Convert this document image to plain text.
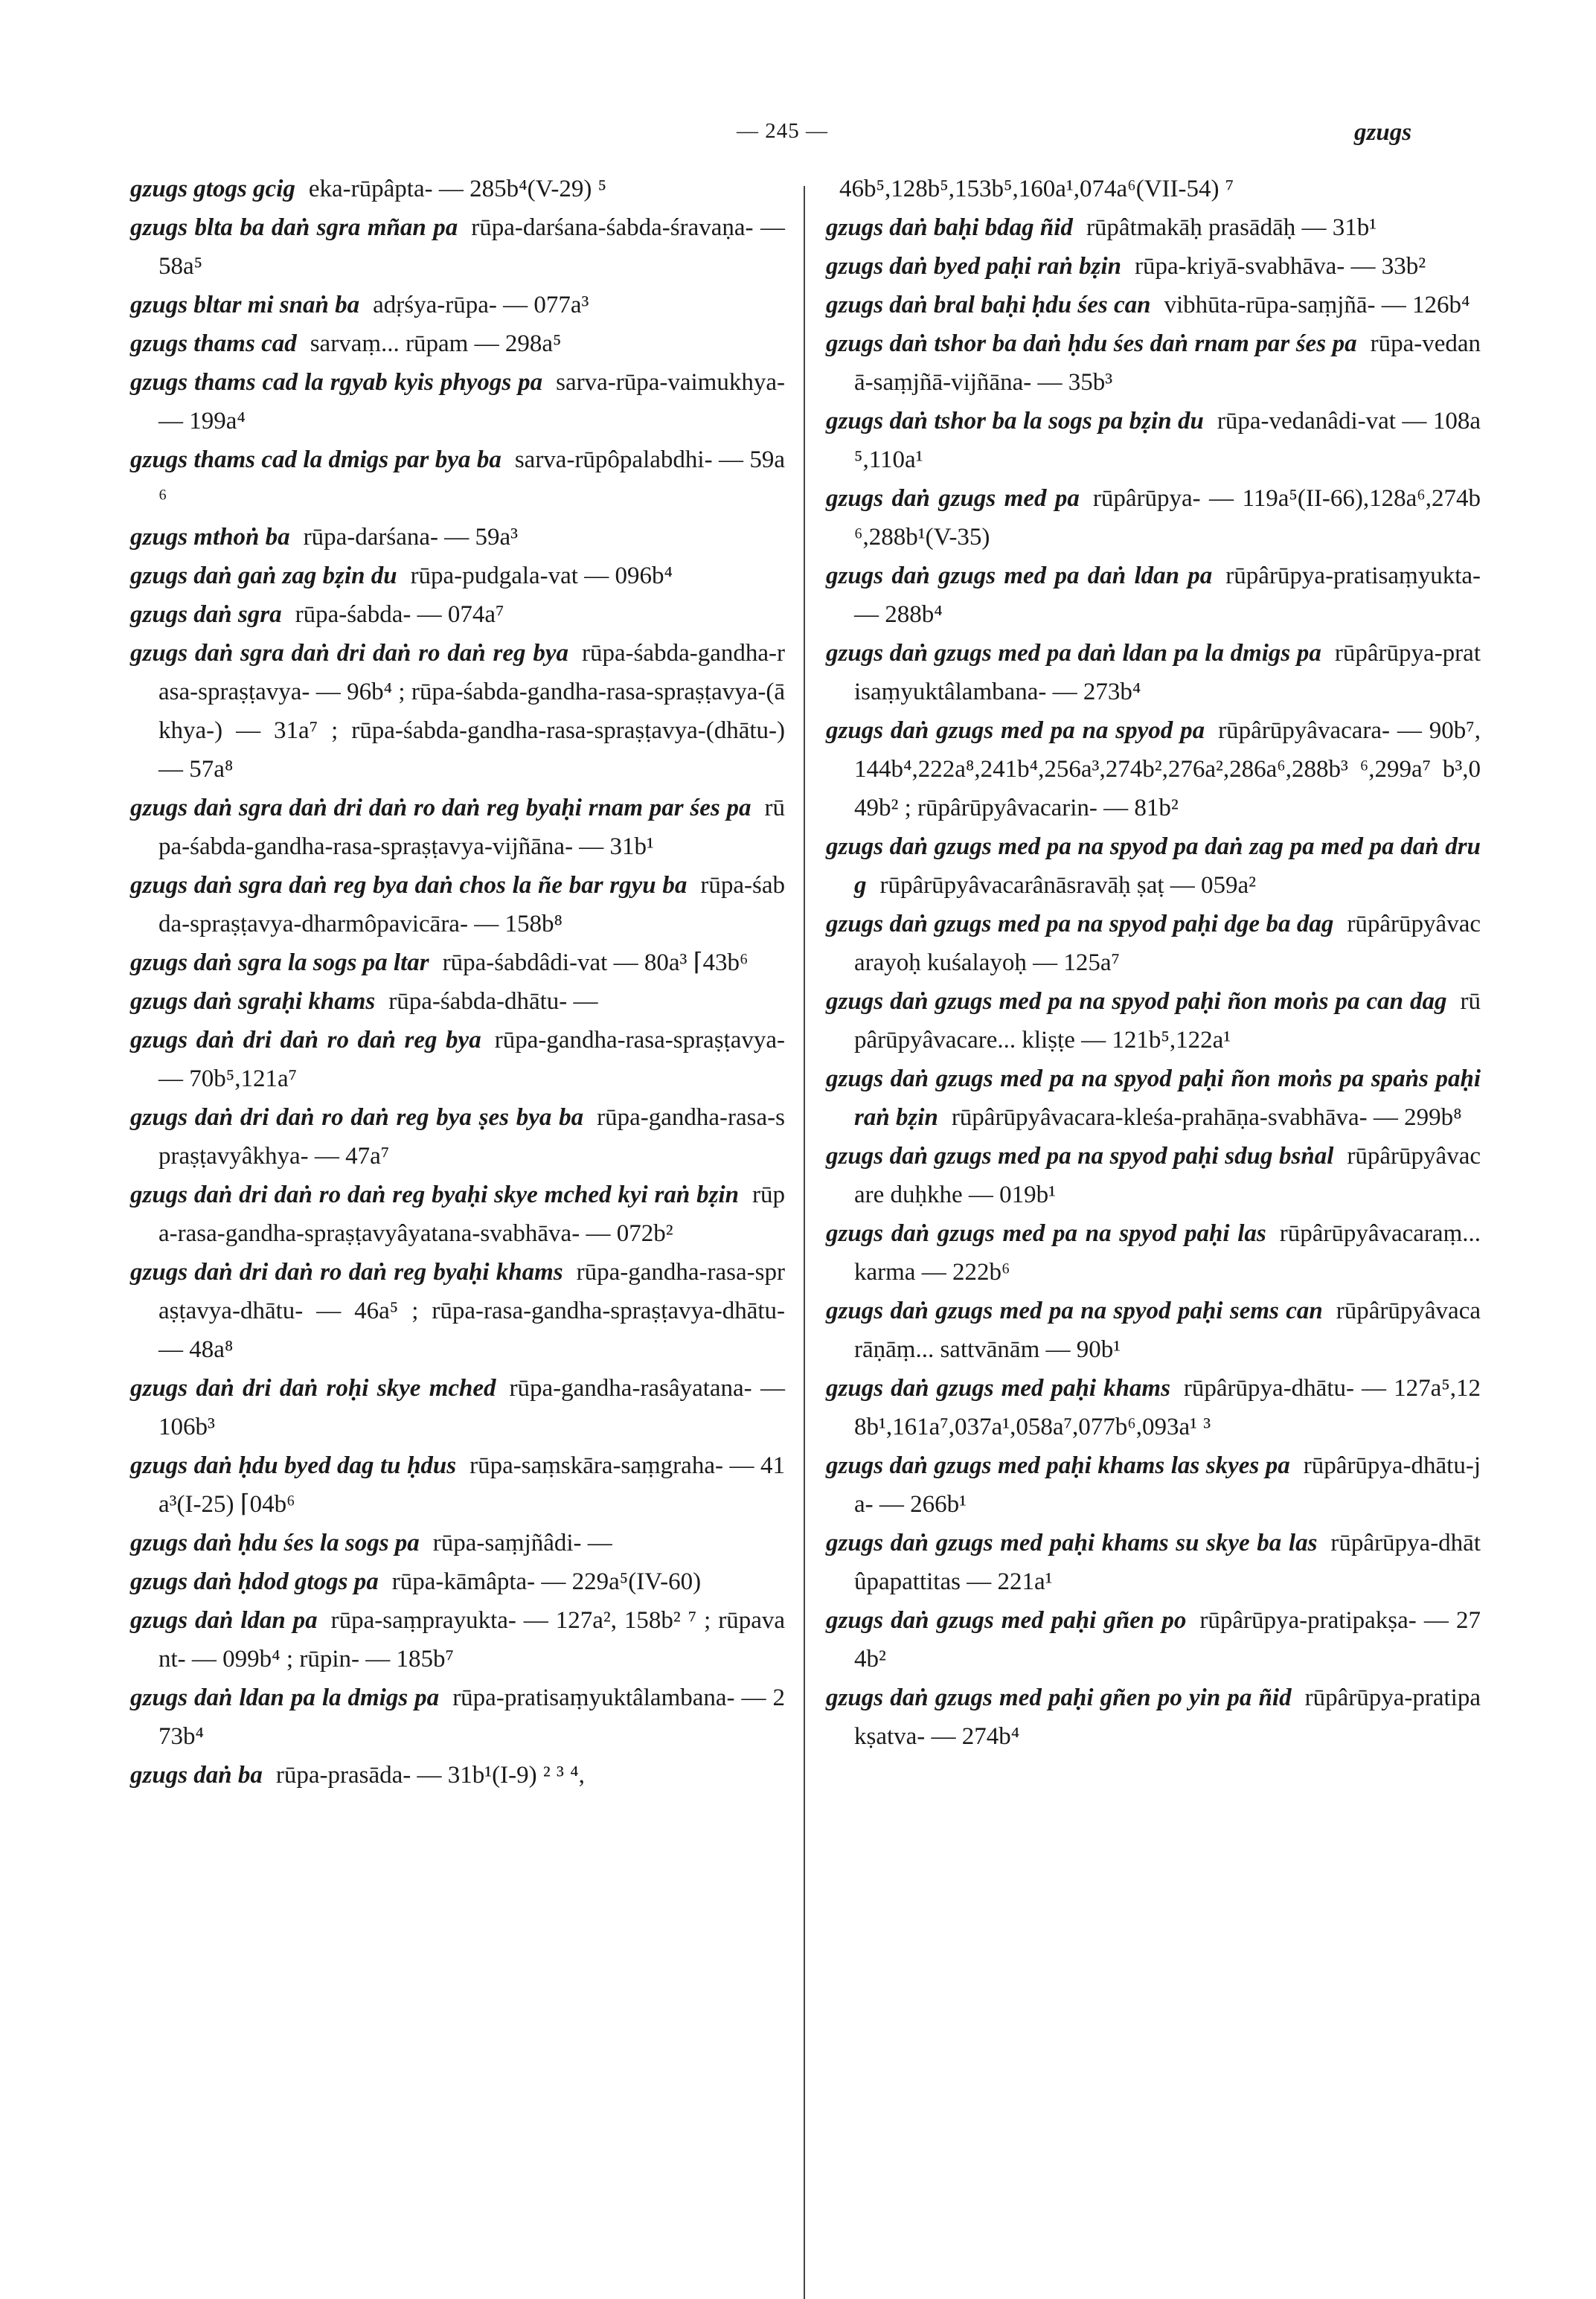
— 245 —	gzugs

gzugs gtogs gcig eka-rūpâpta- — 285b⁴(V-29) ⁵

gzugs blta ba daṅ sgra mñan pa rūpa-darśana-śabda-śravaṇa- — 58a⁵

gzugs bltar mi snaṅ ba adṛśya-rūpa- — 077a³

gzugs thams cad sarvaṃ... rūpam — 298a⁵

gzugs thams cad la rgyab kyis phyogs pa sarva-rūpa-vaimukhya- — 199a⁴

gzugs thams cad la dmigs par bya ba sarva-rūpôpalabdhi- — 59a⁶

gzugs mthoṅ ba rūpa-darśana- — 59a³

gzugs daṅ gaṅ zag bẓin du rūpa-pudgala-vat — 096b⁴

gzugs daṅ sgra rūpa-śabda- — 074a⁷

gzugs daṅ sgra daṅ dri daṅ ro daṅ reg bya rūpa-śabda-gandha-rasa-spraṣṭavya- — 96b⁴ ; rūpa-śabda-gandha-rasa-spraṣṭavya-(ākhya-) — 31a⁷ ; rūpa-śabda-gandha-rasa-spraṣṭavya-(dhātu-) — 57a⁸

gzugs daṅ sgra daṅ dri daṅ ro daṅ reg byaḥi rnam par śes pa rūpa-śabda-gandha-rasa-spraṣṭavya-vijñāna- — 31b¹

gzugs daṅ sgra daṅ reg bya daṅ chos la ñe bar rgyu ba rūpa-śabda-spraṣṭavya-dharmôpavicāra- — 158b⁸

gzugs daṅ sgra la sogs pa ltar rūpa-śabdâdi-vat — 80a³ ⌈43b⁶

gzugs daṅ sgraḥi khams rūpa-śabda-dhātu- —

gzugs daṅ dri daṅ ro daṅ reg bya rūpa-gandha-rasa-spraṣṭavya- — 70b⁵,121a⁷

gzugs daṅ dri daṅ ro daṅ reg bya ṣes bya ba rūpa-gandha-rasa-spraṣṭavyâkhya- — 47a⁷

gzugs daṅ dri daṅ ro daṅ reg byaḥi skye mched kyi raṅ bẓin rūpa-rasa-gandha-spraṣṭavyâyatana-svabhāva- — 072b²

gzugs daṅ dri daṅ ro daṅ reg byaḥi khams rūpa-gandha-rasa-spraṣṭavya-dhātu- — 46a⁵ ; rūpa-rasa-gandha-spraṣṭavya-dhātu- — 48a⁸

gzugs daṅ dri daṅ roḥi skye mched rūpa-gandha-rasâyatana- — 106b³

gzugs daṅ ḥdu byed dag tu ḥdus rūpa-saṃskāra-saṃgraha- — 41a³(I-25) ⌈04b⁶

gzugs daṅ ḥdu śes la sogs pa rūpa-saṃjñâdi- —

gzugs daṅ ḥdod gtogs pa rūpa-kāmâpta- — 229a⁵(IV-60)

gzugs daṅ ldan pa rūpa-saṃprayukta- — 127a², 158b² ⁷ ; rūpavant- — 099b⁴ ; rūpin- — 185b⁷

gzugs daṅ ldan pa la dmigs pa rūpa-pratisaṃyuktâlambana- — 273b⁴

gzugs daṅ ba rūpa-prasāda- — 31b¹(I-9) ² ³ ⁴,

46b⁵,128b⁵,153b⁵,160a¹,074a⁶(VII-54) ⁷

gzugs daṅ baḥi bdag ñid rūpâtmakāḥ prasādāḥ — 31b¹

gzugs daṅ byed paḥi raṅ bẓin rūpa-kriyā-svabhāva- — 33b²

gzugs daṅ bral baḥi ḥdu śes can vibhūta-rūpa-saṃjñā- — 126b⁴

gzugs daṅ tshor ba daṅ ḥdu śes daṅ rnam par śes pa rūpa-vedanā-saṃjñā-vijñāna- — 35b³

gzugs daṅ tshor ba la sogs pa bẓin du rūpa-vedanâdi-vat — 108a⁵,110a¹

gzugs daṅ gzugs med pa rūpârūpya- — 119a⁵(II-66),128a⁶,274b⁶,288b¹(V-35)

gzugs daṅ gzugs med pa daṅ ldan pa rūpârūpya-pratisaṃyukta- — 288b⁴

gzugs daṅ gzugs med pa daṅ ldan pa la dmigs pa rūpârūpya-pratisaṃyuktâlambana- — 273b⁴

gzugs daṅ gzugs med pa na spyod pa rūpârūpyâvacara- — 90b⁷,144b⁴,222a⁸,241b⁴,256a³,274b²,276a²,286a⁶,288b³ ⁶,299a⁷ b³,049b² ; rūpârūpyâvacarin- — 81b²

gzugs daṅ gzugs med pa na spyod pa daṅ zag pa med pa daṅ drug rūpârūpyâvacarânāsravāḥ ṣaṭ — 059a²

gzugs daṅ gzugs med pa na spyod paḥi dge ba dag rūpârūpyâvacarayoḥ kuśalayoḥ — 125a⁷

gzugs daṅ gzugs med pa na spyod paḥi ñon moṅs pa can dag rūpârūpyâvacare... kliṣṭe — 121b⁵,122a¹

gzugs daṅ gzugs med pa na spyod paḥi ñon moṅs pa spaṅs paḥi raṅ bẓin rūpârūpyâvacara-kleśa-prahāṇa-svabhāva- — 299b⁸

gzugs daṅ gzugs med pa na spyod paḥi sdug bsṅal rūpârūpyâvacare duḥkhe — 019b¹

gzugs daṅ gzugs med pa na spyod paḥi las rūpârūpyâvacaraṃ... karma — 222b⁶

gzugs daṅ gzugs med pa na spyod paḥi sems can rūpârūpyâvacarāṇāṃ... sattvānām — 90b¹

gzugs daṅ gzugs med paḥi khams rūpârūpya-dhātu- — 127a⁵,128b¹,161a⁷,037a¹,058a⁷,077b⁶,093a¹ ³

gzugs daṅ gzugs med paḥi khams las skyes pa rūpârūpya-dhātu-ja- — 266b¹

gzugs daṅ gzugs med paḥi khams su skye ba las rūpârūpya-dhātûpapattitas — 221a¹

gzugs daṅ gzugs med paḥi gñen po rūpârūpya-pratipakṣa- — 274b²

gzugs daṅ gzugs med paḥi gñen po yin pa ñid rūpârūpya-pratipakṣatva- — 274b⁴
